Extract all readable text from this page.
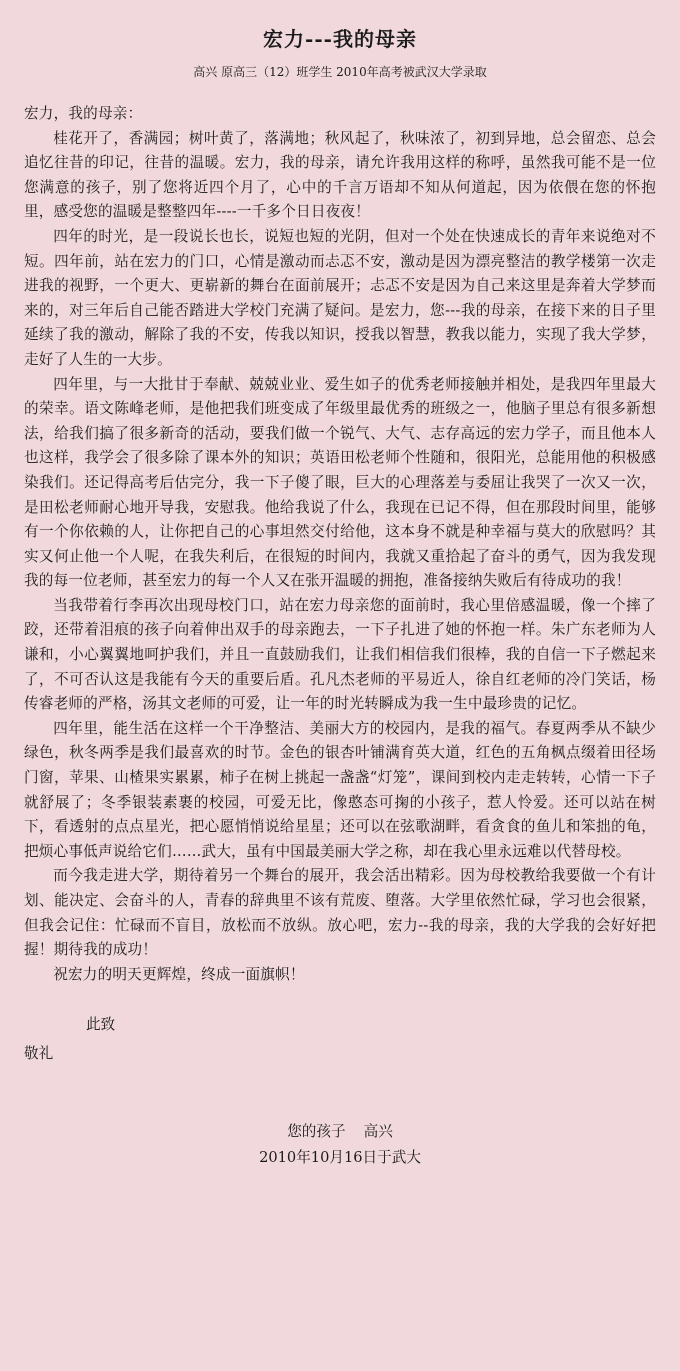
宏力---我的母亲
高兴 原高三（12）班学生 2010年高考被武汉大学录取

宏力，我的母亲：

桂花开了，香满园；树叶黄了，落满地；秋风起了，秋味浓了，初到异地，总会留恋、总会追忆往昔的印记，往昔的温暖。宏力，我的母亲，请允许我用这样的称呼，虽然我可能不是一位您满意的孩子，别了您将近四个月了，心中的千言万语却不知从何道起，因为依偎在您的怀抱里，感受您的温暖是整整四年----一千多个日日夜夜！

四年的时光，是一段说长也长，说短也短的光阴，但对一个处在快速成长的青年来说绝对不短。四年前，站在宏力的门口，心情是激动而忐忑不安，激动是因为漂亮整洁的教学楼第一次走进我的视野，一个更大、更崭新的舞台在面前展开；忐忑不安是因为自己来这里是奔着大学梦而来的，对三年后自己能否踏进大学校门充满了疑问。是宏力，您---我的母亲，在接下来的日子里延续了我的激动，解除了我的不安，传我以知识，授我以智慧，教我以能力，实现了我大学梦，走好了人生的一大步。

四年里，与一大批甘于奉献、兢兢业业、爱生如子的优秀老师接触并相处，是我四年里最大的荣幸。语文陈峰老师，是他把我们班变成了年级里最优秀的班级之一，他脑子里总有很多新想法，给我们搞了很多新奇的活动，要我们做一个锐气、大气、志存高远的宏力学子，而且他本人也这样，我学会了很多除了课本外的知识；英语田松老师个性随和，很阳光，总能用他的积极感染我们。还记得高考后估完分，我一下子傻了眼，巨大的心理落差与委屈让我哭了一次又一次，是田松老师耐心地开导我，安慰我。他给我说了什么，我现在已记不得，但在那段时间里，能够有一个你依赖的人，让你把自己的心事坦然交付给他，这本身不就是种幸福与莫大的欣慰吗？其实又何止他一个人呢，在我失利后，在很短的时间内，我就又重拾起了奋斗的勇气，因为我发现我的每一位老师，甚至宏力的每一个人又在张开温暖的拥抱，准备接纳失败后有待成功的我！

当我带着行李再次出现母校门口，站在宏力母亲您的面前时，我心里倍感温暖，像一个摔了跤，还带着泪痕的孩子向着伸出双手的母亲跑去，一下子扎进了她的怀抱一样。朱广东老师为人谦和，小心翼翼地呵护我们，并且一直鼓励我们，让我们相信我们很棒，我的自信一下子燃起来了，不可否认这是我能有今天的重要后盾。孔凡杰老师的平易近人，徐自红老师的冷门笑话，杨传睿老师的严格，汤其文老师的可爱，让一年的时光转瞬成为我一生中最珍贵的记忆。

四年里，能生活在这样一个干净整洁、美丽大方的校园内，是我的福气。春夏两季从不缺少绿色，秋冬两季是我们最喜欢的时节。金色的银杏叶铺满育英大道，红色的五角枫点缀着田径场门窗，苹果、山楂果实累累，柿子在树上挑起一盏盏“灯笼”，课间到校内走走转转，心情一下子就舒展了；冬季银装素裹的校园，可爱无比，像憨态可掬的小孩子，惹人怜爱。还可以站在树下，看透射的点点星光，把心愿悄悄说给星星；还可以在弦歌湖畔，看贪食的鱼儿和笨拙的龟，把烦心事低声说给它们……武大，虽有中国最美丽大学之称，却在我心里永远难以代替母校。

而今我走进大学，期待着另一个舞台的展开，我会活出精彩。因为母校教给我要做一个有计划、能决定、会奋斗的人，青春的辞典里不该有荒废、堕落。大学里依然忙碌，学习也会很紧，但我会记住：忙碌而不盲目，放松而不放纵。放心吧，宏力--我的母亲，我的大学我的会好好把握！期待我的成功！

祝宏力的明天更辉煌，终成一面旗帜！

此致
敬礼
您的孩子 高兴
2010年10月16日于武大
